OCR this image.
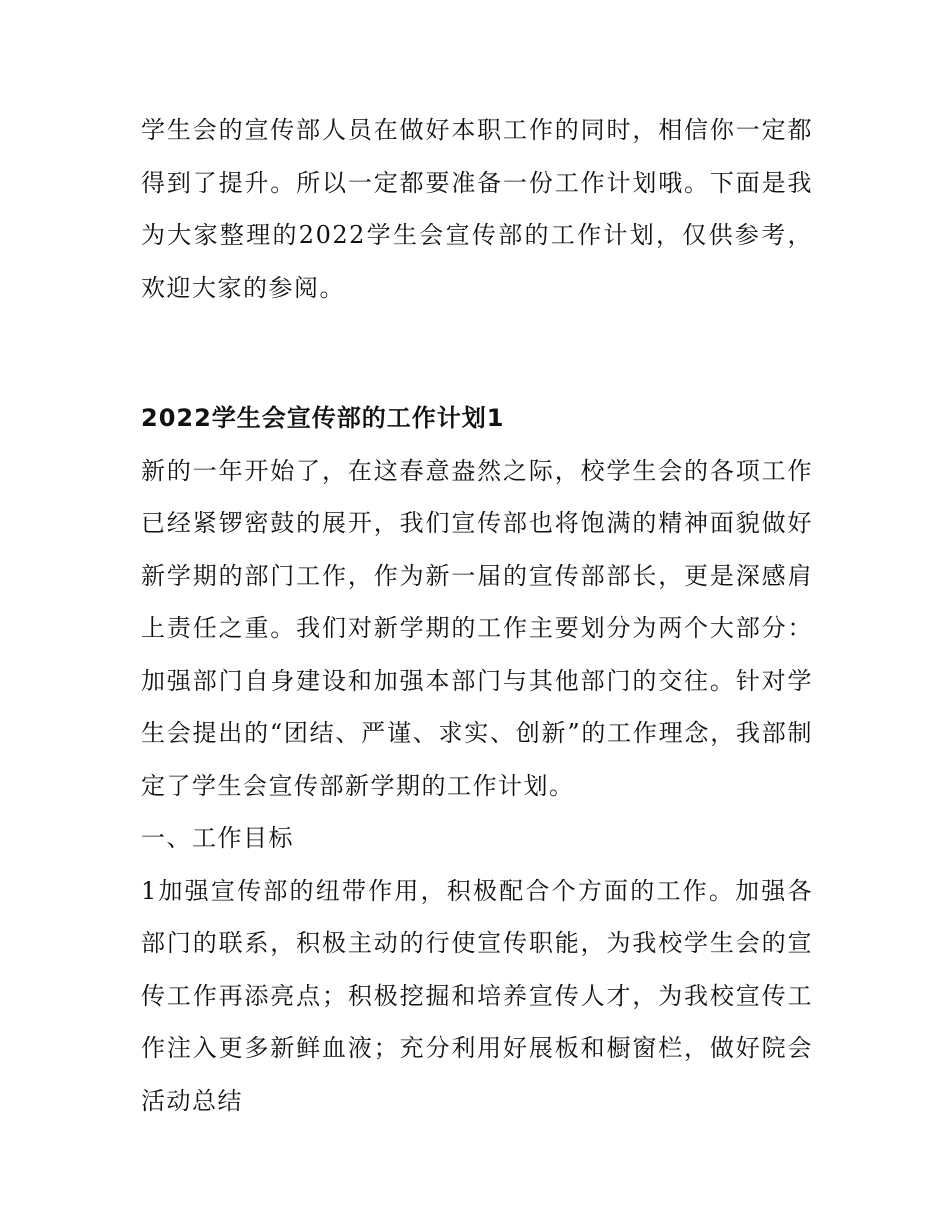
学生会的宣传部人员在做好本职工作的同时，相信你一定都得到了提升。所以一定都要准备一份工作计划哦。下面是我为大家整理的2022学生会宣传部的工作计划，仅供参考，欢迎大家的参阅。

2022学生会宣传部的工作计划1

新的一年开始了，在这春意盎然之际，校学生会的各项工作已经紧锣密鼓的展开，我们宣传部也将饱满的精神面貌做好新学期的部门工作，作为新一届的宣传部部长，更是深感肩上责任之重。我们对新学期的工作主要划分为两个大部分：加强部门自身建设和加强本部门与其他部门的交往。针对学生会提出的“团结、严谨、求实、创新”的工作理念，我部制定了学生会宣传部新学期的工作计划。

一、工作目标

1加强宣传部的纽带作用，积极配合个方面的工作。加强各部门的联系，积极主动的行使宣传职能，为我校学生会的宣传工作再添亮点；积极挖掘和培养宣传人才，为我校宣传工作注入更多新鲜血液；充分利用好展板和橱窗栏，做好院会活动总结
